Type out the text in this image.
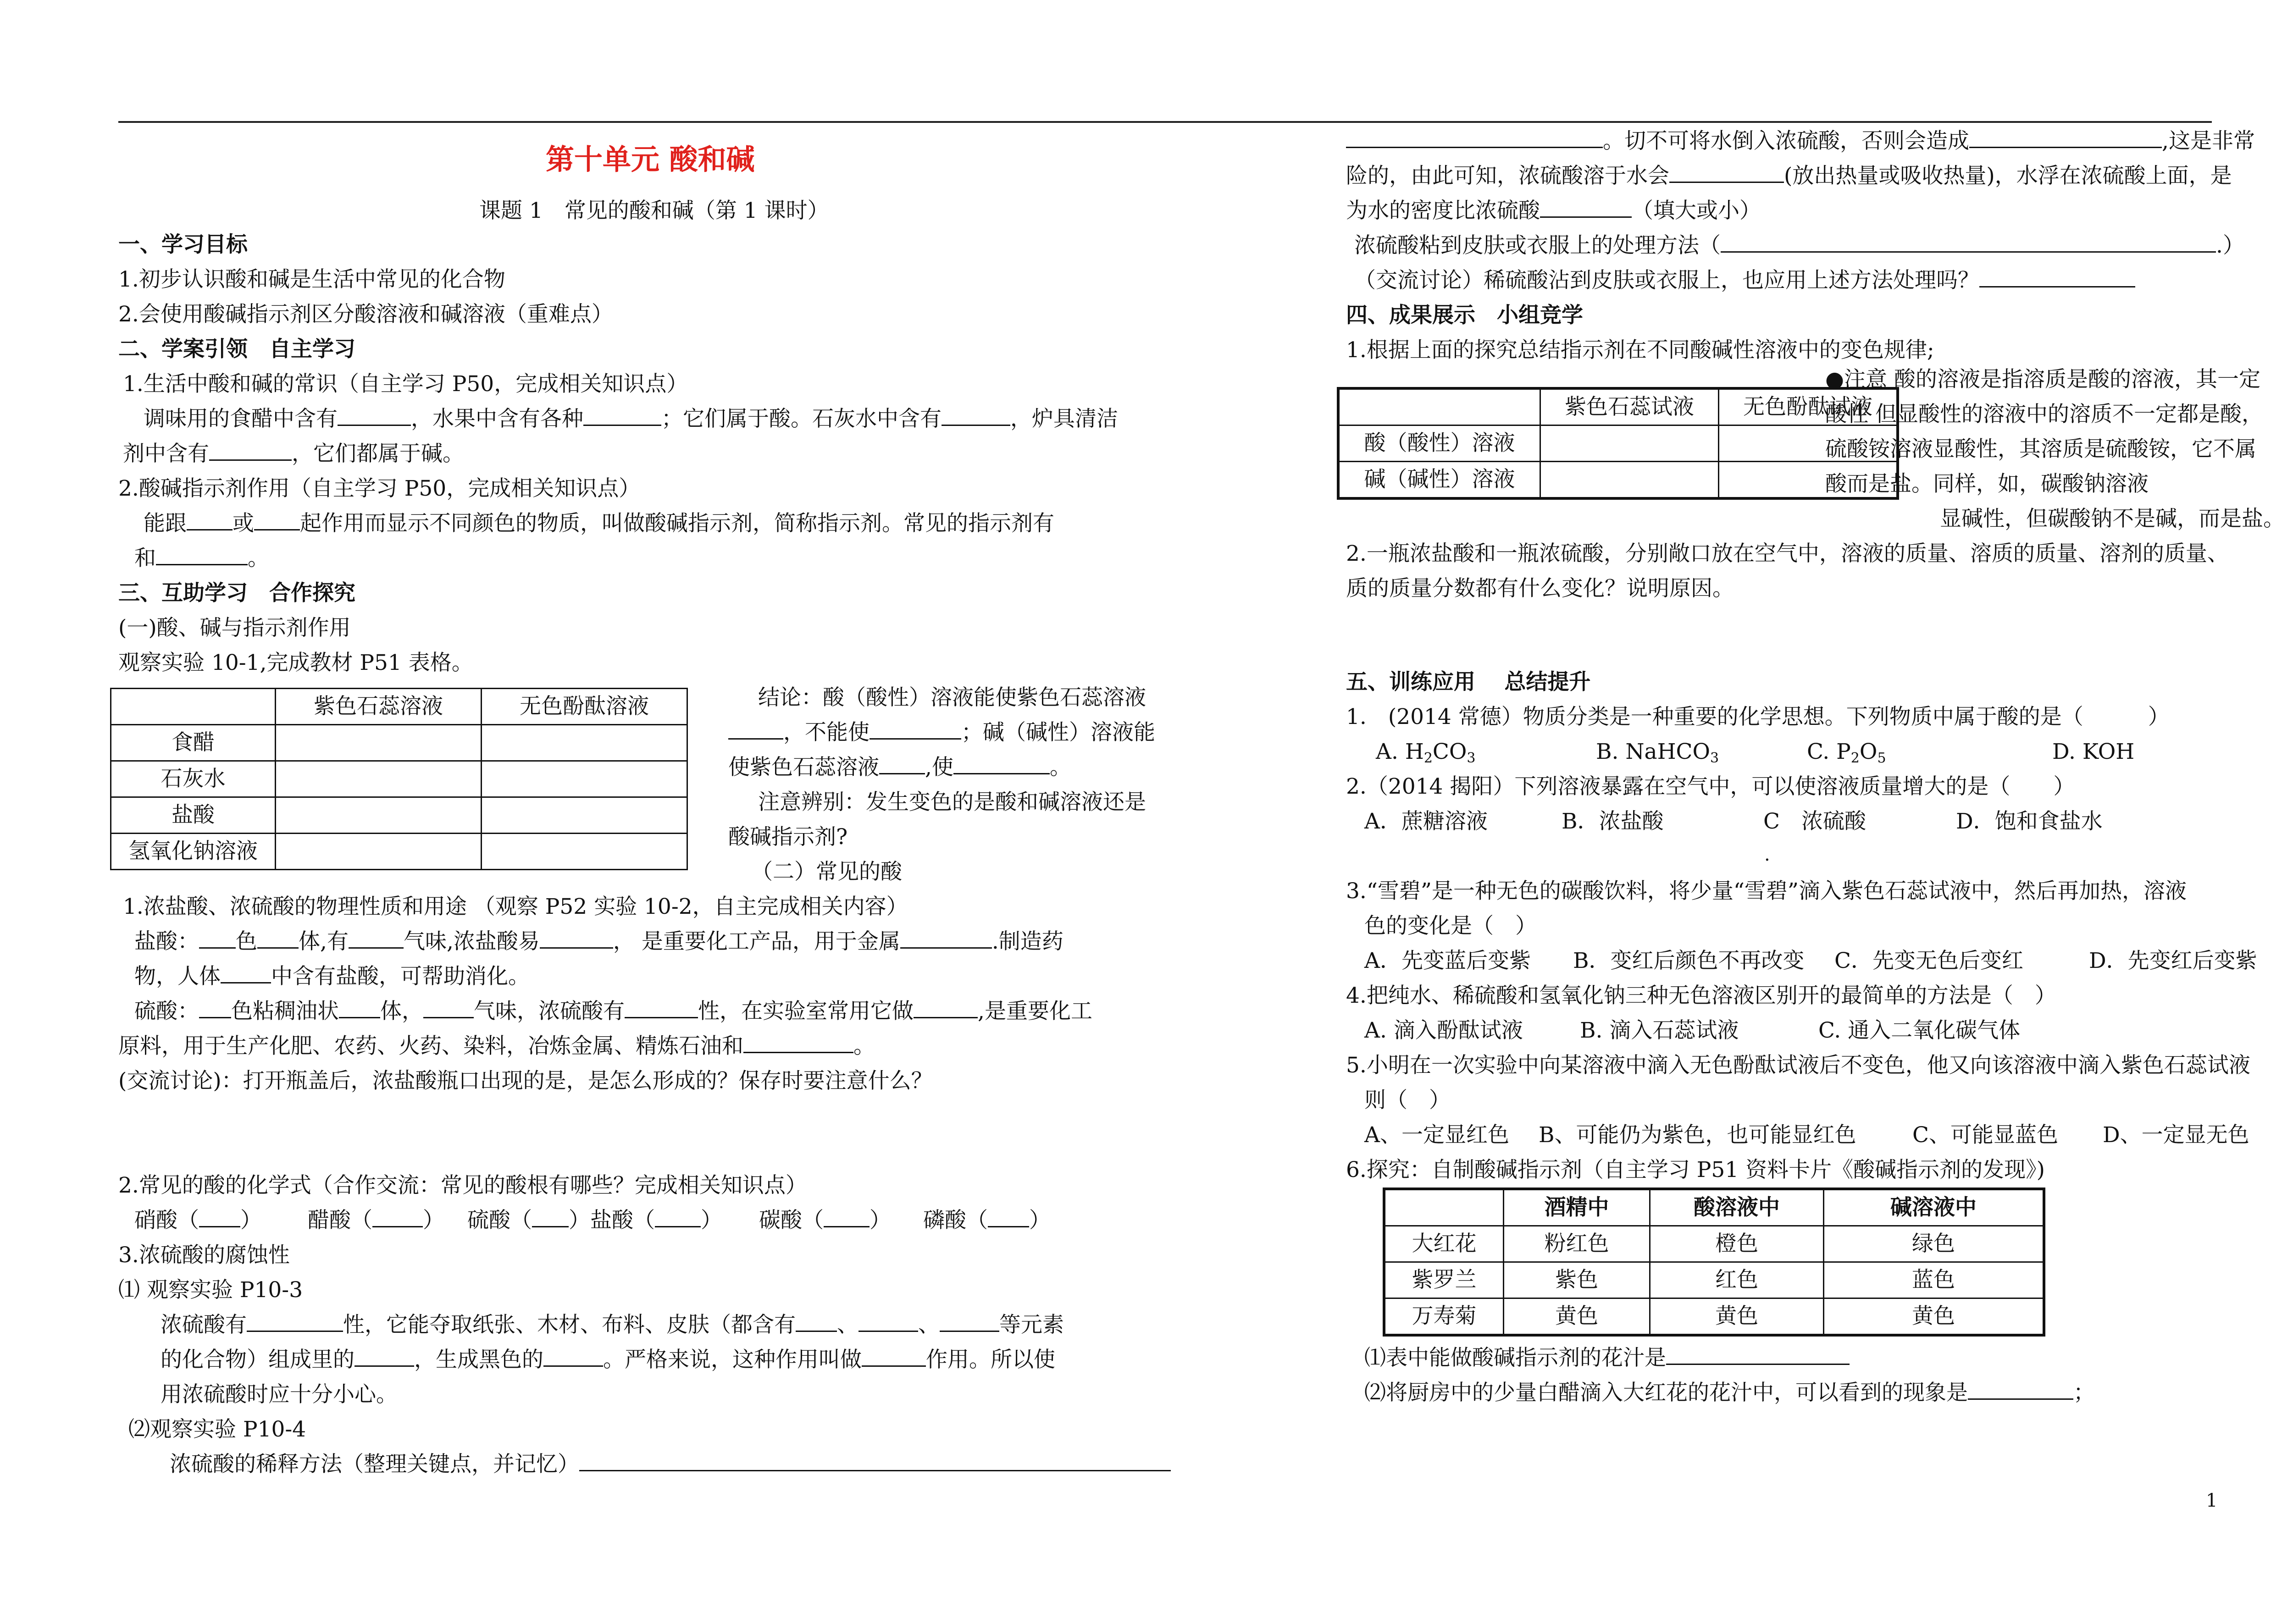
第十单元 酸和碱
课题 1　常见的酸和碱（第 1 课时）
一、学习目标
1.初步认识酸和碱是生活中常见的化合物
2.会使用酸碱指示剂区分酸溶液和碱溶液（重难点）
二、学案引领　自主学习
1.生活中酸和碱的常识（自主学习 P50，完成相关知识点）
调味用的食醋中含有	，水果中含有各种	；它们属于酸。石灰水中含有	，炉具清洁
剂中含有	，它们都属于碱。
2.酸碱指示剂作用（自主学习 P50，完成相关知识点）
能跟 或 起作用而显示不同颜色的物质，叫做酸碱指示剂，简称指示剂。常见的指示剂有
和	。
三、互助学习　合作探究
(一)酸、碱与指示剂作用
观察实验 10-1,完成教材 P51 表格。
	紫色石蕊溶液	无色酚酞溶液
食醋		
石灰水		
盐酸		
氢氧化钠溶液		
结论：酸（酸性）溶液能使紫色石蕊溶液
，不能使	；碱（碱性）溶液能
使紫色石蕊溶液 ,使	。
注意辨别：发生变色的是酸和碱溶液还是
酸碱指示剂?
（二）常见的酸
1.浓盐酸、浓硫酸的物理性质和用途 （观察 P52 实验 10-2，自主完成相关内容）
盐酸： 色 体,有	气味,浓盐酸易	， 是重要化工产品，用于金属	.制造药
物，人体 中含有盐酸，可帮助消化。
硫酸： 色粘稠油状 体， 气味，浓硫酸有	性，在实验室常用它做	,是重要化工
原料，用于生产化肥、农药、火药、染料，冶炼金属、精炼石油和	。
(交流讨论)：打开瓶盖后，浓盐酸瓶口出现的是，是怎么形成的？保存时要注意什么？
2.常见的酸的化学式（合作交流：常见的酸根有哪些？完成相关知识点）
硝酸（ ） 醋酸（ ） 硫酸（ ）盐酸（ ） 碳酸（ ） 磷酸（ ）
3.浓硫酸的腐蚀性
⑴ 观察实验 P10-3
浓硫酸有	性，它能夺取纸张、木材、布料、皮肤（都含有 、	、	等元素
的化合物）组成里的	，生成黑色的	。严格来说，这种作用叫做	作用。所以使
用浓硫酸时应十分小心。
⑵观察实验 P10-4
浓硫酸的稀释方法（整理关键点，并记忆）
。切不可将水倒入浓硫酸，否则会造成	,这是非常
险的，由此可知，浓硫酸溶于水会	(放出热量或吸收热量)，水浮在浓硫酸上面，是
为水的密度比浓硫酸	（填大或小）
浓硫酸粘到皮肤或衣服上的处理方法（	.）
（交流讨论）稀硫酸沾到皮肤或衣服上，也应用上述方法处理吗？
四、成果展示　小组竞学
1.根据上面的探究总结指示剂在不同酸碱性溶液中的变色规律;
	紫色石蕊试液	无色酚酞试液
酸（酸性）溶液		
碱（碱性）溶液		
●注意 酸的溶液是指溶质是酸的溶液，其一定
酸性 但显酸性的溶液中的溶质不一定都是酸，
硫酸铵溶液显酸性，其溶质是硫酸铵，它不属
酸而是盐。同样，如，碳酸钠溶液
显碱性，但碳酸钠不是碱，而是盐。
2.一瓶浓盐酸和一瓶浓硫酸，分别敞口放在空气中，溶液的质量、溶质的质量、溶剂的质量、
质的质量分数都有什么变化？说明原因。
五、训练应用　 总结提升
1.　(2014 常德）物质分类是一种重要的化学思想。下列物质中属于酸的是（　　　）
A. $H_2CO_3$	B. NaHCO$_3$	C. $P_2O_5$	D. KOH
2.（2014 揭阳）下列溶液暴露在空气中，可以使溶液质量增大的是（　　）
A．蔗糖溶液	B．浓盐酸	C　浓硫酸	D．饱和食盐水
.
3.“雪碧”是一种无色的碳酸饮料，将少量“雪碧”滴入紫色石蕊试液中，然后再加热，溶液
色的变化是（　）
A．先变蓝后变紫 B．变红后颜色不再改变 C．先变无色后变红	D．先变红后变紫
4.把纯水、稀硫酸和氢氧化钠三种无色溶液区别开的最简单的方法是（　）
A. 滴入酚酞试液	B. 滴入石蕊试液	C. 通入二氧化碳气体
5.小明在一次实验中向某溶液中滴入无色酚酞试液后不变色，他又向该溶液中滴入紫色石蕊试液
则（　）
A、一定显红色 B、可能仍为紫色，也可能显红色	C、可能显蓝色 D、一定显无色
6.探究：自制酸碱指示剂（自主学习 P51 资料卡片《酸碱指示剂的发现》)
	酒精中	酸溶液中	碱溶液中
大红花	粉红色	橙色	绿色
紫罗兰	紫色	红色	蓝色
万寿菊	黄色	黄色	黄色
⑴表中能做酸碱指示剂的花汁是
⑵将厨房中的少量白醋滴入大红花的花汁中，可以看到的现象是	；
1
